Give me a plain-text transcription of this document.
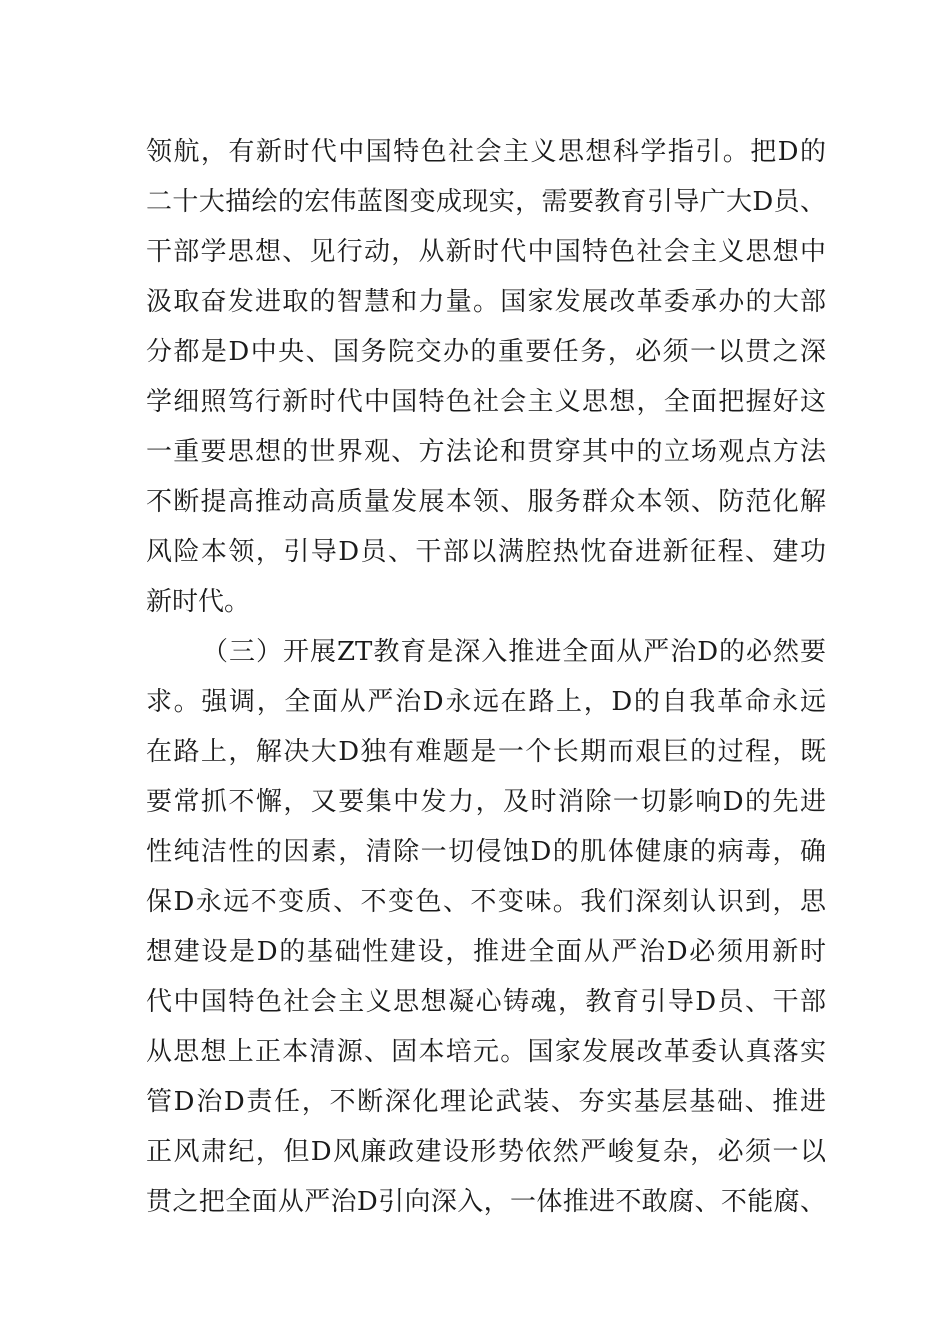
领航，有新时代中国特色社会主义思想科学指引。把D的
二十大描绘的宏伟蓝图变成现实，需要教育引导广大D员、
干部学思想、见行动，从新时代中国特色社会主义思想中
汲取奋发进取的智慧和力量。国家发展改革委承办的大部
分都是D中央、国务院交办的重要任务，必须一以贯之深
学细照笃行新时代中国特色社会主义思想，全面把握好这
一重要思想的世界观、方法论和贯穿其中的立场观点方法
不断提高推动高质量发展本领、服务群众本领、防范化解
风险本领，引导D员、干部以满腔热忱奋进新征程、建功
新时代。
（三）开展ZT教育是深入推进全面从严治D的必然要
求。强调，全面从严治D永远在路上，D的自我革命永远
在路上，解决大D独有难题是一个长期而艰巨的过程，既
要常抓不懈，又要集中发力，及时消除一切影响D的先进
性纯洁性的因素，清除一切侵蚀D的肌体健康的病毒，确
保D永远不变质、不变色、不变味。我们深刻认识到，思
想建设是D的基础性建设，推进全面从严治D必须用新时
代中国特色社会主义思想凝心铸魂，教育引导D员、干部
从思想上正本清源、固本培元。国家发展改革委认真落实
管D治D责任，不断深化理论武装、夯实基层基础、推进
正风肃纪，但D风廉政建设形势依然严峻复杂，必须一以
贯之把全面从严治D引向深入，一体推进不敢腐、不能腐、
